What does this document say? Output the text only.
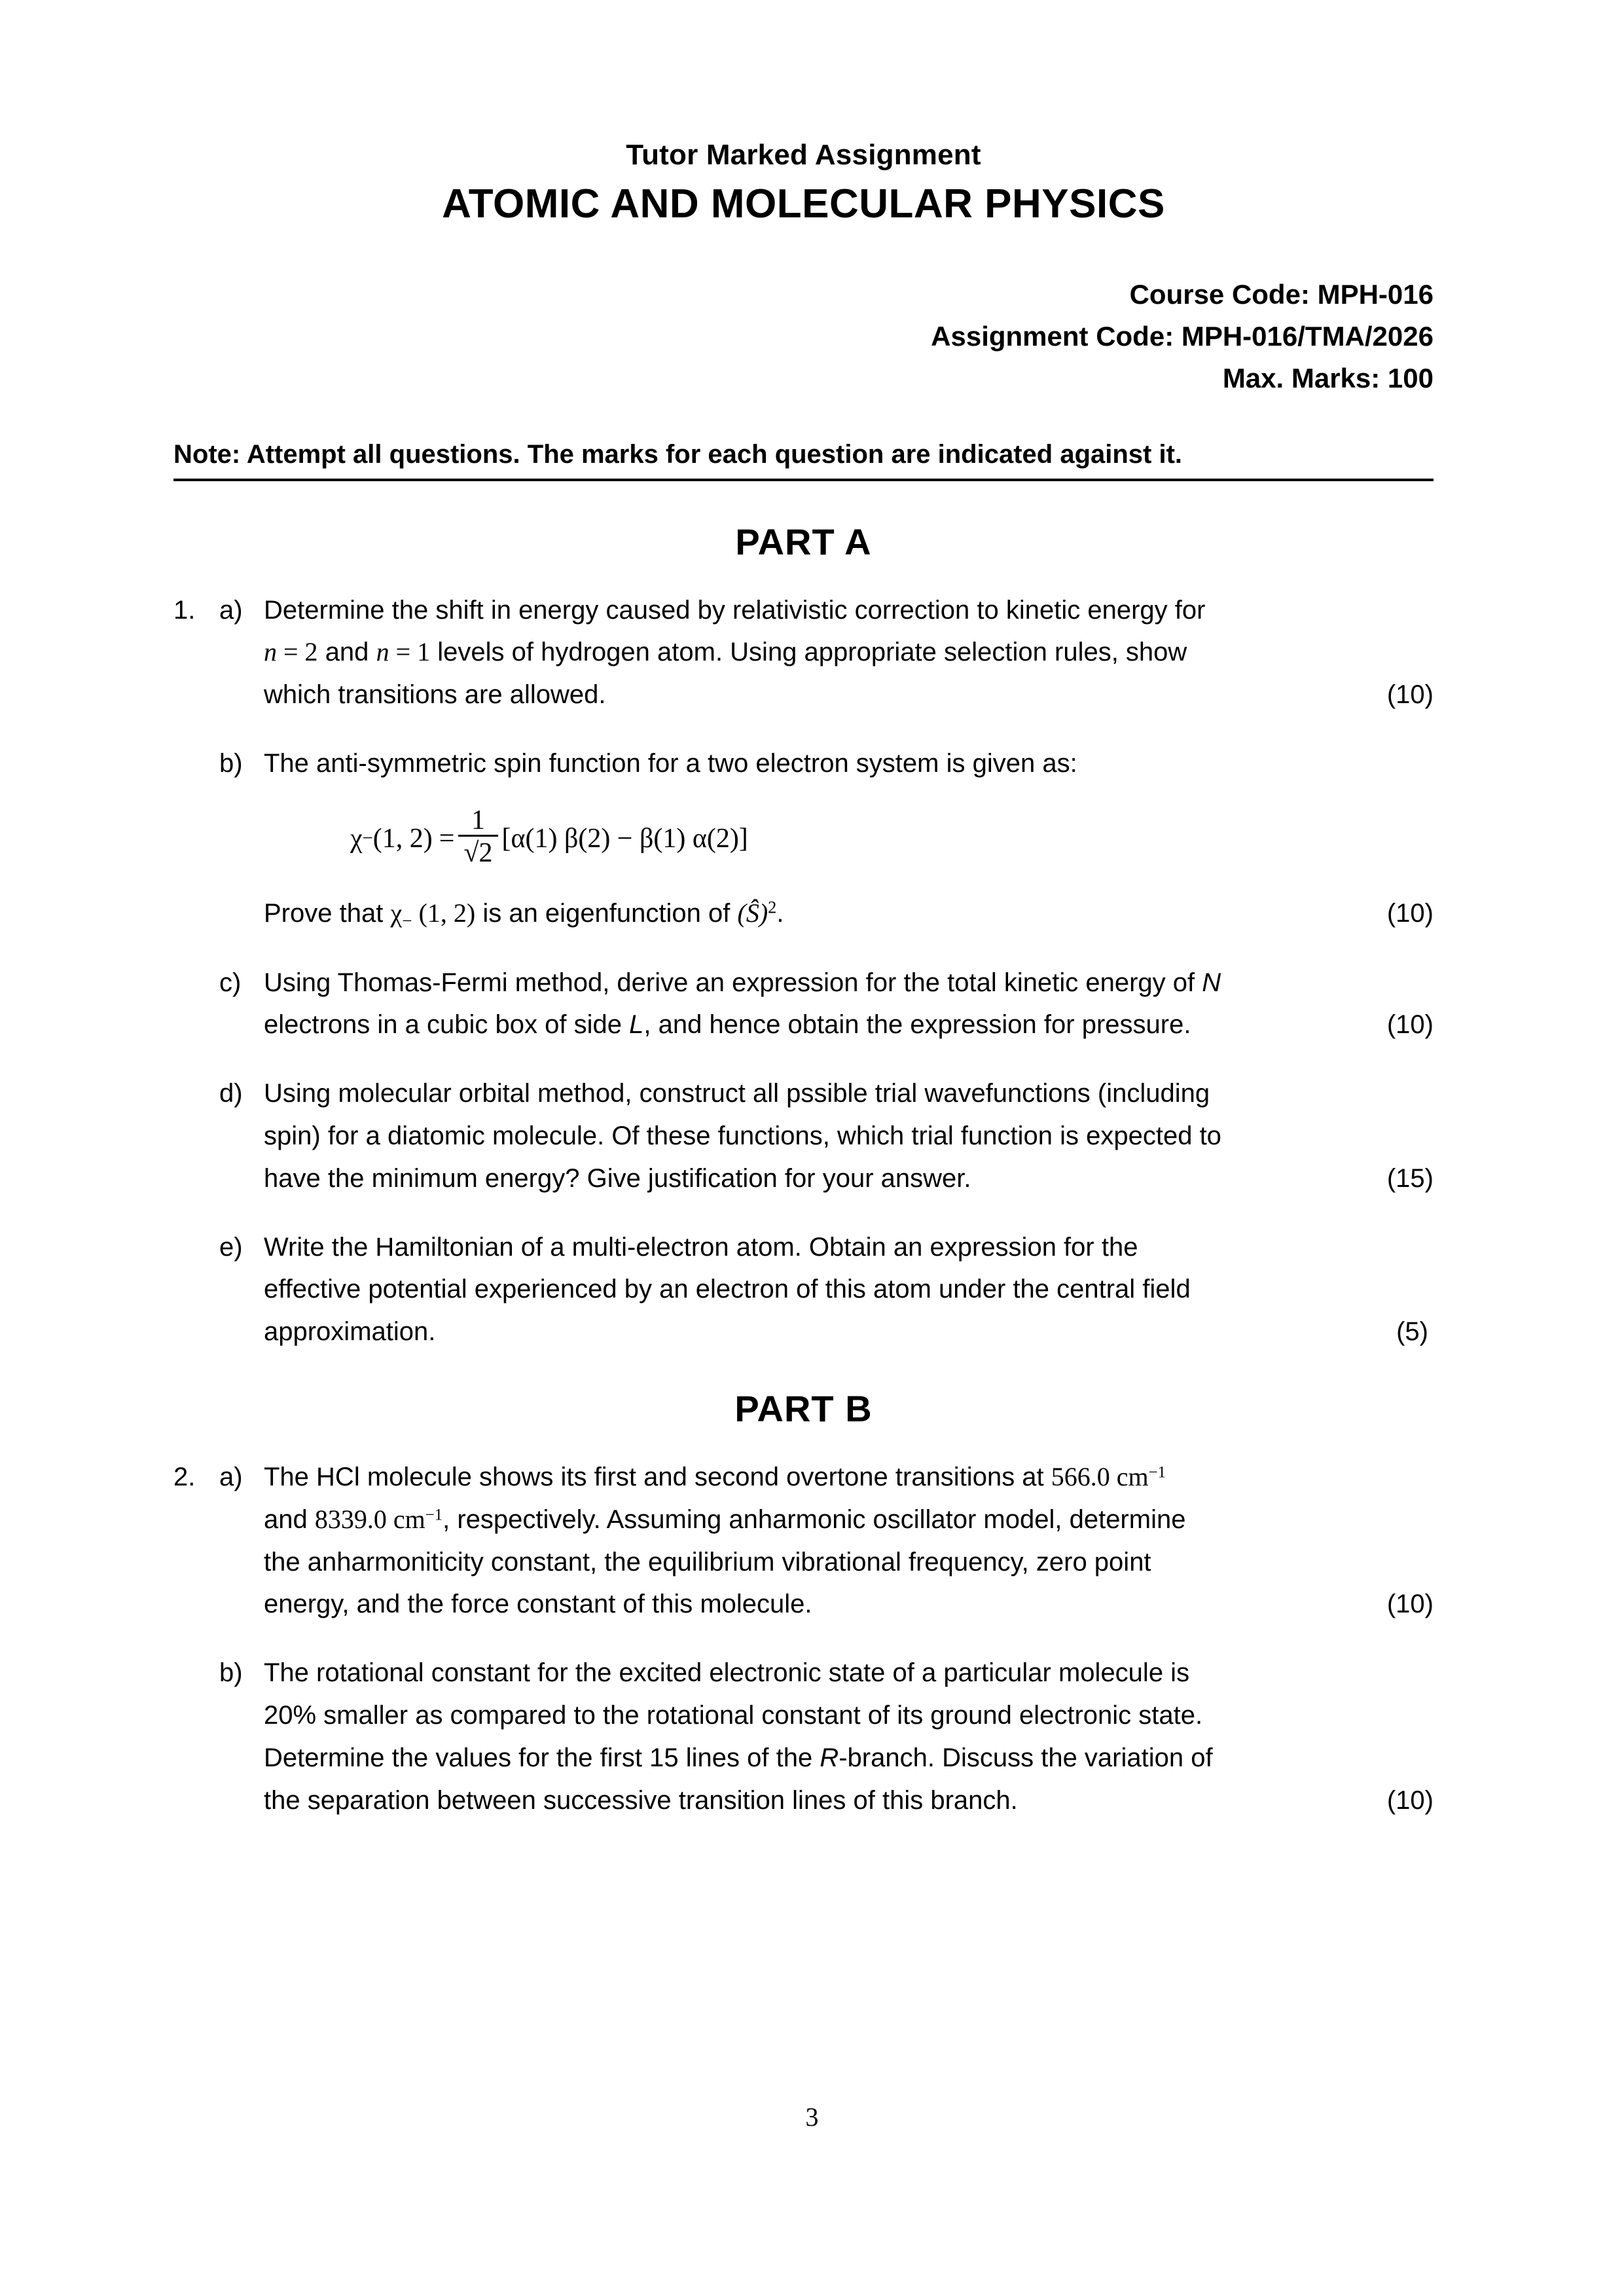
Tutor Marked Assignment
ATOMIC AND MOLECULAR PHYSICS
Course Code: MPH-016
Assignment Code: MPH-016/TMA/2026
Max. Marks: 100
Note: Attempt all questions. The marks for each question are indicated against it.
PART A
1. a) Determine the shift in energy caused by relativistic correction to kinetic energy for
n = 2 and n = 1 levels of hydrogen atom. Using appropriate selection rules, show
which transitions are allowed.	(10)
b) The anti-symmetric spin function for a two electron system is given as:
χ − (1, $2) = \frac{1}{√2} [\alpha(1) \beta(2) - \beta(1)$ α(2)]
Prove that $\chi_-$ (1, 2) is an eigenfunction of (Ŝ)$^2$.	(10)
c) Using Thomas-Fermi method, derive an expression for the total kinetic energy of N
electrons in a cubic box of side L, and hence obtain the expression for pressure.	(10)
d) Using molecular orbital method, construct all pssible trial wavefunctions (including
spin) for a diatomic molecule. Of these functions, which trial function is expected to
have the minimum energy? Give justification for your answer.	(15)
e) Write the Hamiltonian of a multi-electron atom. Obtain an expression for the
effective potential experienced by an electron of this atom under the central field
approximation.	(5)
PART B
2. a) The HCl molecule shows its first and second overtone transitions at 566.0 $cm^{-1}$
and 8339.0 $cm^{-1}$, respectively. Assuming anharmonic oscillator model, determine
the anharmoniticity constant, the equilibrium vibrational frequency, zero point
energy, and the force constant of this molecule.	(10)
b) The rotational constant for the excited electronic state of a particular molecule is
20% smaller as compared to the rotational constant of its ground electronic state.
Determine the values for the first 15 lines of the R-branch. Discuss the variation of
the separation between successive transition lines of this branch.	(10)
3
